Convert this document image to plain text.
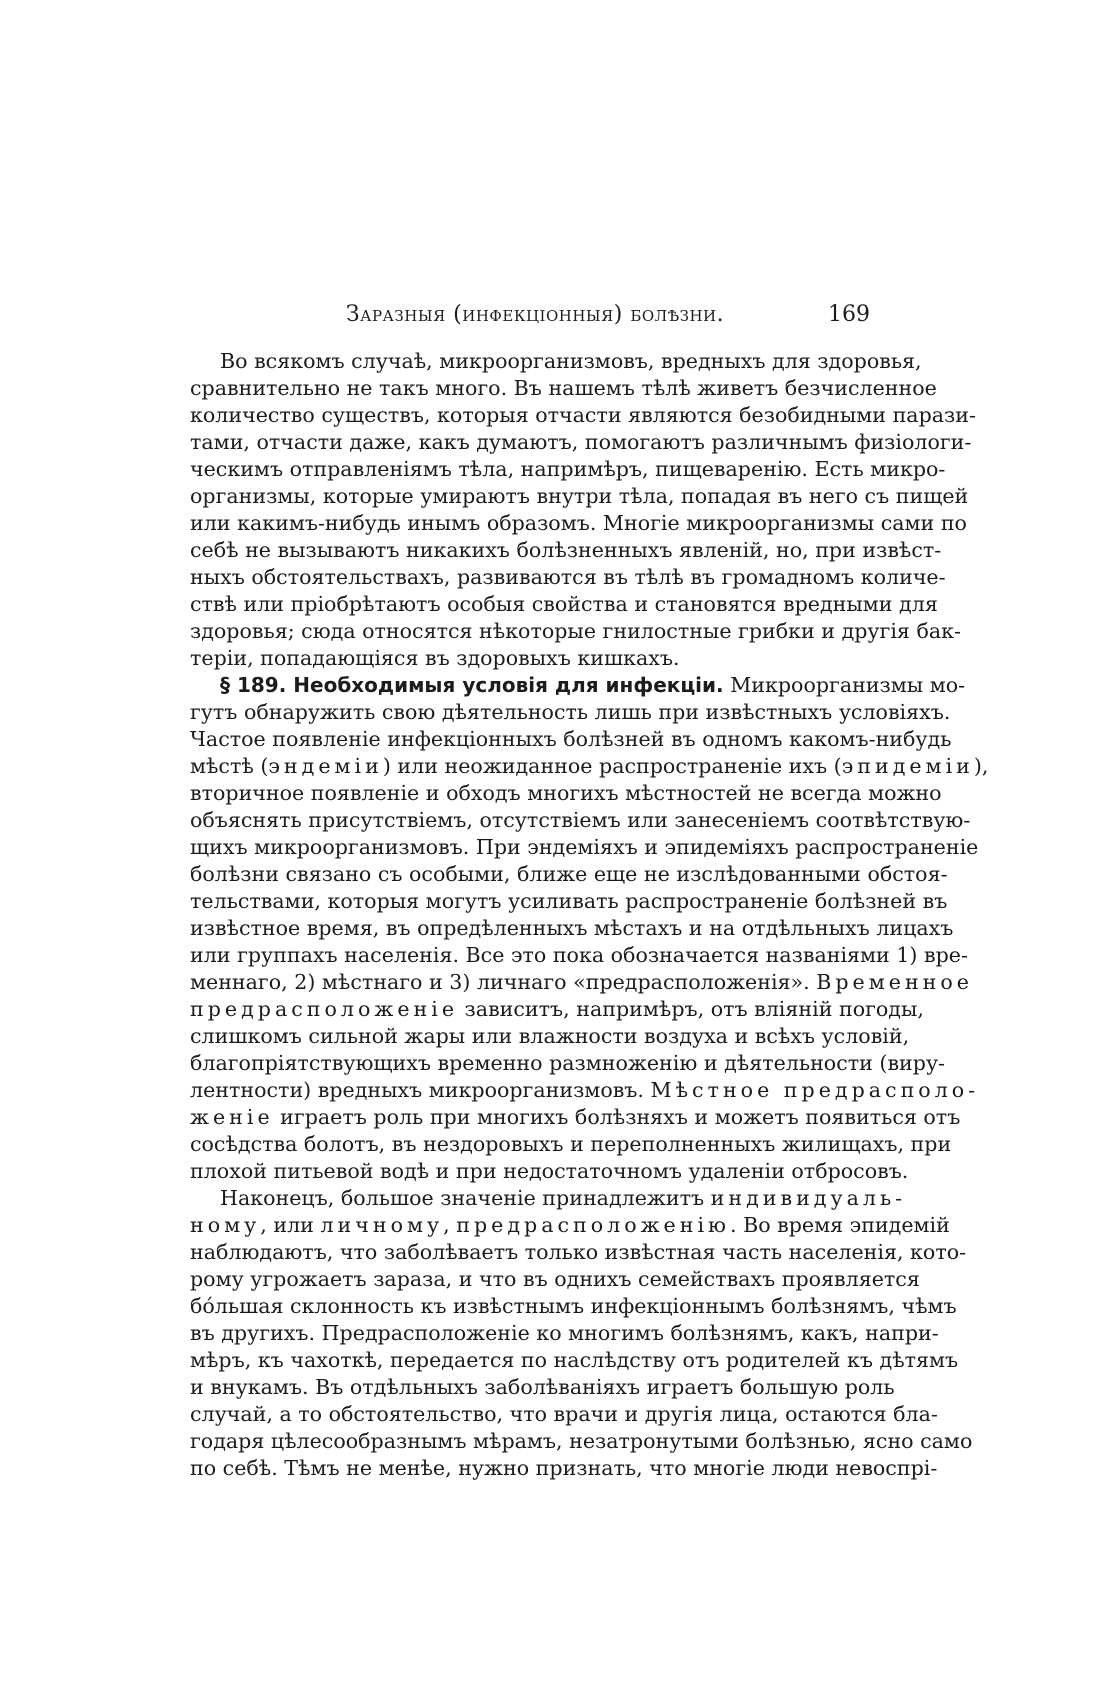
Заразныя (инфекціонныя) болѣзни.	169
Во всякомъ случаѣ, микроорганизмовъ, вредныхъ для здоровья,
сравнительно не такъ много. Въ нашемъ тѣлѣ живетъ безчисленное
количество существъ, которыя отчасти являются безобидными парази-
тами, отчасти даже, какъ думаютъ, помогаютъ различнымъ физіологи-
ческимъ отправленіямъ тѣла, напримѣръ, пищеваренію. Есть микро-
организмы, которые умираютъ внутри тѣла, попадая въ него съ пищей
или какимъ-нибудь инымъ образомъ. Многіе микроорганизмы сами по
себѣ не вызываютъ никакихъ болѣзненныхъ явленій, но, при извѣст-
ныхъ обстоятельствахъ, развиваются въ тѣлѣ въ громадномъ количе-
ствѣ или пріобрѣтаютъ особыя свойства и становятся вредными для
здоровья; сюда относятся нѣкоторые гнилостные грибки и другія бак-
теріи, попадающіяся въ здоровыхъ кишкахъ.
§ 189. Необходимыя условія для инфекціи. Микроорганизмы мо-
гутъ обнаружить свою дѣятельность лишь при извѣстныхъ условіяхъ.
Частое появленіе инфекціонныхъ болѣзней въ одномъ какомъ-нибудь
мѣстѣ (эндеміи) или неожиданное распространеніе ихъ (эпидеміи),
вторичное появленіе и обходъ многихъ мѣстностей не всегда можно
объяснять присутствіемъ, отсутствіемъ или занесеніемъ соотвѣтствую-
щихъ микроорганизмовъ. При эндеміяхъ и эпидеміяхъ распространеніе
болѣзни связано съ особыми, ближе еще не изслѣдованными обстоя-
тельствами, которыя могутъ усиливать распространеніе болѣзней въ
извѣстное время, въ опредѣленныхъ мѣстахъ и на отдѣльныхъ лицахъ
или группахъ населенія. Все это пока обозначается названіями 1) вре-
меннаго, 2) мѣстнаго и 3) личнаго «предрасположенія». Временное
предрасположеніе зависитъ, напримѣръ, отъ вліяній погоды,
слишкомъ сильной жары или влажности воздуха и всѣхъ условій,
благопріятствующихъ временно размноженію и дѣятельности (виру-
лентности) вредныхъ микроорганизмовъ. Мѣстное предрасполо-
женіе играетъ роль при многихъ болѣзняхъ и можетъ появиться отъ
сосѣдства болотъ, въ нездоровыхъ и переполненныхъ жилищахъ, при
плохой питьевой водѣ и при недостаточномъ удаленіи отбросовъ.
Наконецъ, большое значеніе принадлежитъ индивидуаль-
ному, или личному, предрасположенію. Во время эпидемій
наблюдаютъ, что заболѣваетъ только извѣстная часть населенія, кото-
рому угрожаетъ зараза, и что въ однихъ семействахъ проявляется
бо́льшая склонность къ извѣстнымъ инфекціоннымъ болѣзнямъ, чѣмъ
въ другихъ. Предрасположеніе ко многимъ болѣзнямъ, какъ, напри-
мѣръ, къ чахоткѣ, передается по наслѣдству отъ родителей къ дѣтямъ
и внукамъ. Въ отдѣльныхъ заболѣваніяхъ играетъ большую роль
случай, а то обстоятельство, что врачи и другія лица, остаются бла-
годаря цѣлесообразнымъ мѣрамъ, незатронутыми болѣзнью, ясно само
по себѣ. Тѣмъ не менѣе, нужно признать, что многіе люди невоспрі-
